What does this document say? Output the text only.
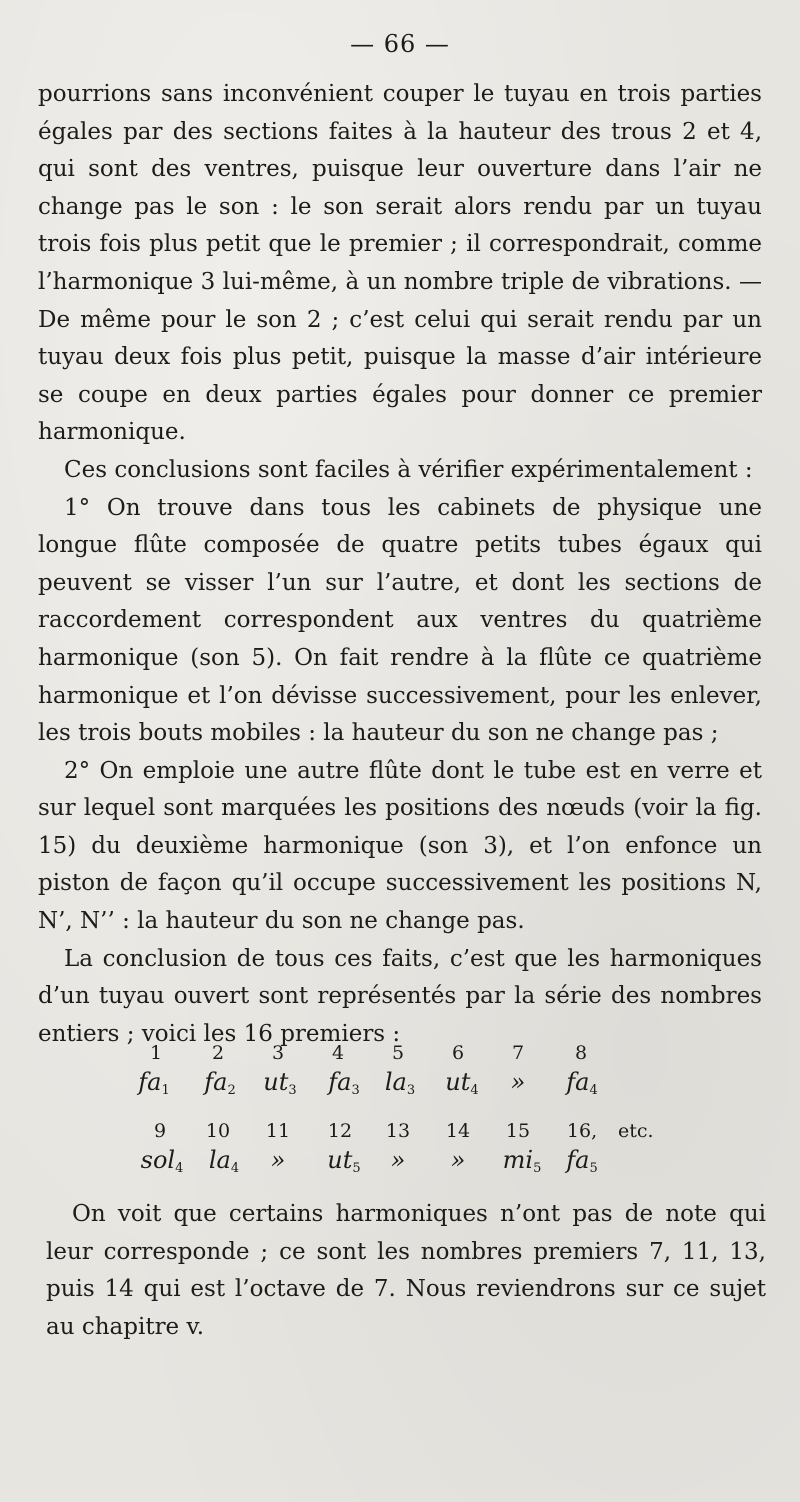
— 66 —

pourrions sans inconvénient couper le tuyau en trois parties égales par des sections faites à la hauteur des trous 2 et 4, qui sont des ventres, puisque leur ouverture dans l’air ne change pas le son : le son serait alors rendu par un tuyau trois fois plus petit que le premier ; il correspondrait, comme l’harmonique 3 lui-même, à un nombre triple de vibrations. — De même pour le son 2 ; c’est celui qui serait rendu par un tuyau deux fois plus petit, puisque la masse d’air intérieure se coupe en deux parties égales pour donner ce premier harmonique.

Ces conclusions sont faciles à vérifier expérimentalement :

1° On trouve dans tous les cabinets de physique une longue flûte composée de quatre petits tubes égaux qui peuvent se visser l’un sur l’autre, et dont les sections de raccordement correspondent aux ventres du quatrième harmonique (son 5). On fait rendre à la flûte ce quatrième harmonique et l’on dévisse successivement, pour les enlever, les trois bouts mobiles : la hauteur du son ne change pas ;

2° On emploie une autre flûte dont le tube est en verre et sur lequel sont marquées les positions des nœuds (voir la fig. 15) du deuxième harmonique (son 3), et l’on enfonce un piston de façon qu’il occupe successivement les positions N, N’, N’’ : la hauteur du son ne change pas.

La conclusion de tous ces faits, c’est que les harmoniques d’un tuyau ouvert sont représentés par la série des nombres entiers ; voici les 16 premiers :

1	2	3	4	5	6	7	8
$fa_1$	$fa_2$	$ut_3$	$fa_3$	$la_3$	$ut_4$	»	$fa_4$
9	10	11	12	13	14	15	16,	etc.
sol$_4$	$la_4$	»	$ut_5$	»	»	$mi_5$	$fa_5$

On voit que certains harmoniques n’ont pas de note qui leur corresponde ; ce sont les nombres premiers 7, 11, 13, puis 14 qui est l’octave de 7. Nous reviendrons sur ce sujet au chapitre v.
